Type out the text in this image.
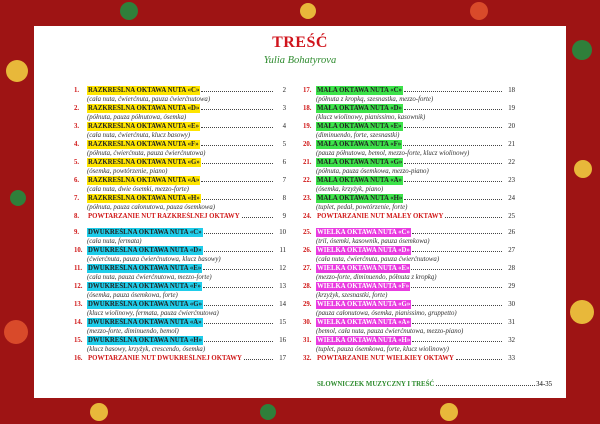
TREŚĆ
Yulia Bohatyrova
1. RAZKREŚLNA OKTAWA NUTA «C»	2
(cała nuta, ćwierćnuta, pauza ćwierćnutowa)
2. RAZKREŚLNA OKTAWA NUTA «D»	3
(półnuta, pauza półnutowa, ósemka)
3. RAZKREŚLNA OKTAWA NUTA «E»	4
(cała nuta, ćwierćnuta, klucz basowy)
4. RAZKREŚLNA OKTAWA NUTA «F»	5
(półnuta, ćwierćnuta, pauza ćwierćnutowa)
5. RAZKREŚLNA OKTAWA NUTA «G»	6
(ósemka, powtórzenie, piano)
6. RAZKREŚLNA OKTAWA NUTA «A»	7
(cała nuta, dwie ósemki, mezzo-forte)
7. RAZKREŚLNA OKTAWA NUTA «H»	8
(półnuta, pauza całonutowa, pauza ósemkowa)
8. POWTARZANIE NUT RAZKREŚLNEJ OKTAWY	9
9. DWUKREŚLNA OKTAWA NUTA «C»	10
(cała nuta, fermata)
10. DWUKREŚLNA OKTAWA NUTA «D»	11
(ćwierćnuta, pauza ćwierćnutowa, klucz basowy)
11. DWUKREŚLNA OKTAWA NUTA «E»	12
(cała nuta, pauza ćwierćnutowa, mezzo-forte)
12. DWUKREŚLNA OKTAWA NUTA «F»	13
(ósemka, pauza ósemkowa, forte)
13. DWUKREŚLNA OKTAWA NUTA «G»	14
(klucz wiolinowy, fermata, pauza ćwierćnutowa)
14. DWUKREŚLNA OKTAWA NUTA «A»	15
(mezzo-forte, diminuendo, bemol)
15. DWUKREŚLNA OKTAWA NUTA «H»	16
(klucz basowy, krzyżyk, crescendo, ósemka)
16. POWTARZANIE NUT DWUKREŚLNEJ OKTAWY	17
17. MAŁA OKTAWA NUTA «C»	18
(półnuta z kropką, szesnastka, mezzo-forte)
18. MAŁA OKTAWA NUTA «D»	19
(klucz wiolinowy, pianissimo, kasownik)
19. MAŁA OKTAWA NUTA «E»	20
(diminuendo, forte, szesnastki)
20. MAŁA OKTAWA NUTA «F»	21
(pauza półnutowa, bemol, mezzo-forte, klucz wiolinowy)
21. MAŁA OKTAWA NUTA «G»	22
(półnuta, pauza ósemkowa, mezzo-piano)
22. MAŁA OKTAWA NUTA «A»	23
(ósemka, krzyżyk, piano)
23. MAŁA OKTAWA NUTA «H»	24
(tuplet, pedał, powtórzenie, forte)
24. POWTARZANIE NUT MAŁEY OKTAWY	25
25. WIELKA OKTAWA NUTA «C»	26
(tril, ósemki, kasownik, pauza ósemkowa)
26. WIELKA OKTAWA NUTA «D»	27
(cała nuta, ćwierćnuta, pauza ćwierćnutowa)
27. WIELKA OKTAWA NUTA «E»	28
(mezzo-forte, diminuendo, półnuta z kropką)
28. WIELKA OKTAWA NUTA «F»	29
(krzyżyk, szesnastki, forte)
29. WIELKA OKTAWA NUTA «G»	30
(pauza całonutowa, ósemka, pianissimo, gruppetto)
30. WIELKA OKTAWA NUTA «A»	31
(bemol, cała nuta, pauza ćwierćnutowa, mezzo-piano)
31. WIELKA OKTAWA NUTA «H»	32
(tuplet, pauza ósemkowa, forte, klucz wiolinowy)
32. POWTARZANIE NUT WIELKIEY OKTAWY	33
SŁOWNICZEK MUZYCZNY I TREŚĆ	34-35
